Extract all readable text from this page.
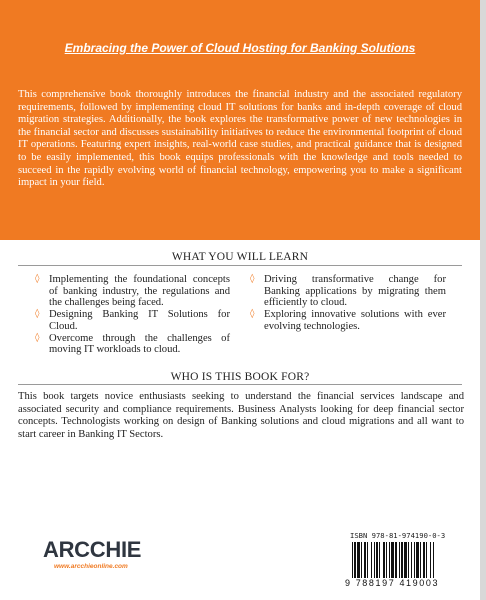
Embracing the Power of Cloud Hosting for Banking Solutions

This comprehensive book thoroughly introduces the financial industry and the associated regulatory requirements, followed by implementing cloud IT solutions for banks and in-depth coverage of cloud migration strategies. Additionally, the book explores the transformative power of new technologies in the financial sector and discusses sustainability initiatives to reduce the environmental footprint of cloud IT operations. Featuring expert insights, real-world case studies, and practical guidance that is designed to be easily implemented, this book equips professionals with the knowledge and tools needed to succeed in the rapidly evolving world of financial technology, empowering you to make a significant impact in your field.

WHAT YOU WILL LEARN
◊ Implementing the foundational concepts of banking industry, the regulations and the challenges being faced.
◊ Designing Banking IT Solutions for Cloud.
◊ Overcome through the challenges of moving IT workloads to cloud.
◊ Driving transformative change for Banking applications by migrating them efficiently to cloud.
◊ Exploring innovative solutions with ever evolving technologies.
WHO IS THIS BOOK FOR?

This book targets novice enthusiasts seeking to understand the financial services landscape and associated security and compliance requirements. Business Analysts looking for deep financial sector concepts. Technologists working on design of Banking solutions and cloud migrations and all want to start career in Banking IT Sectors.

ARCCHIE
www.arcchieonline.com
ISBN 978-81-974190-0-3
9 788197 419003
